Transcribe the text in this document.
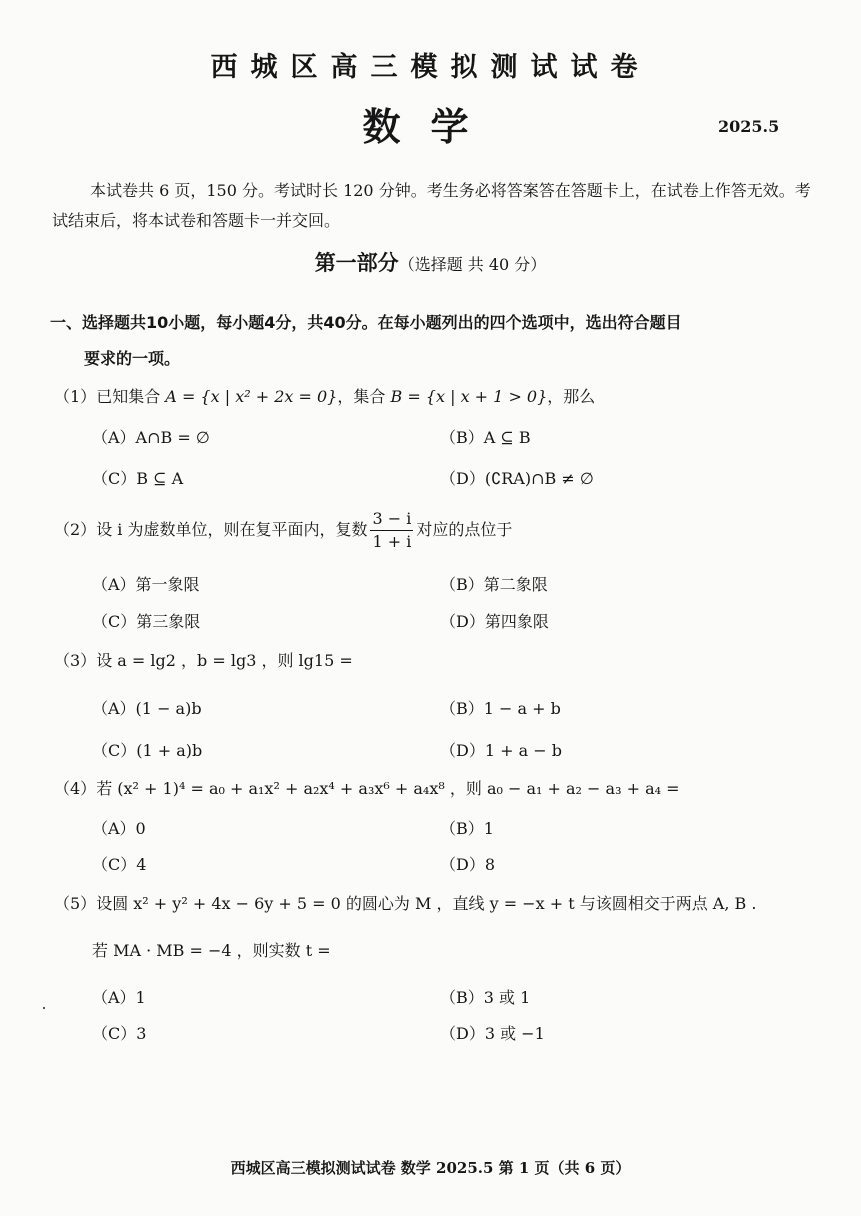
西城区高三模拟测试试卷
数学	2025.5
本试卷共 6 页，150 分。考试时长 120 分钟。考生务必将答案答在答题卡上，在试卷上作答无效。考试结束后，将本试卷和答题卡一并交回。
第一部分（选择题 共 40 分）
一、选择题共10小题，每小题4分，共40分。在每小题列出的四个选项中，选出符合题目
要求的一项。
（1）已知集合 A = {x | x² + 2x = 0}，集合 B = {x | x + 1 > 0}，那么
（A）A∩B = ∅	（B）A ⊆ B
（C）B ⊆ A	（D）(∁RA)∩B ≠ ∅
（2）设 i 为虚数单位，则在复平面内，复数 $\frac{3 - i}{1 + i}$ 对应的点位于
（A）第一象限	（B）第二象限
（C）第三象限	（D）第四象限
（3）设 a = lg2 ，b = lg3 ，则 lg15 =
（A）(1 − a)b	（B）1 − a + b
（C）(1 + a)b	（D）1 + a − b
（4）若 (x² + 1)⁴ = a₀ + a₁x² + a₂x⁴ + a₃x⁶ + a₄x⁸ ，则 a₀ − a₁ + a₂ − a₃ + a₄ =
（A）0	（B）1
（C）4	（D）8
（5）设圆 x² + y² + 4x − 6y + 5 = 0 的圆心为 M ，直线 y = −x + t 与该圆相交于两点 A, B .
若 MA · MB = −4 ，则实数 t =
（A）1	（B）3 或 1
（C）3	（D）3 或 −1
西城区高三模拟测试试卷 数学 2025.5 第 1 页（共 6 页）
